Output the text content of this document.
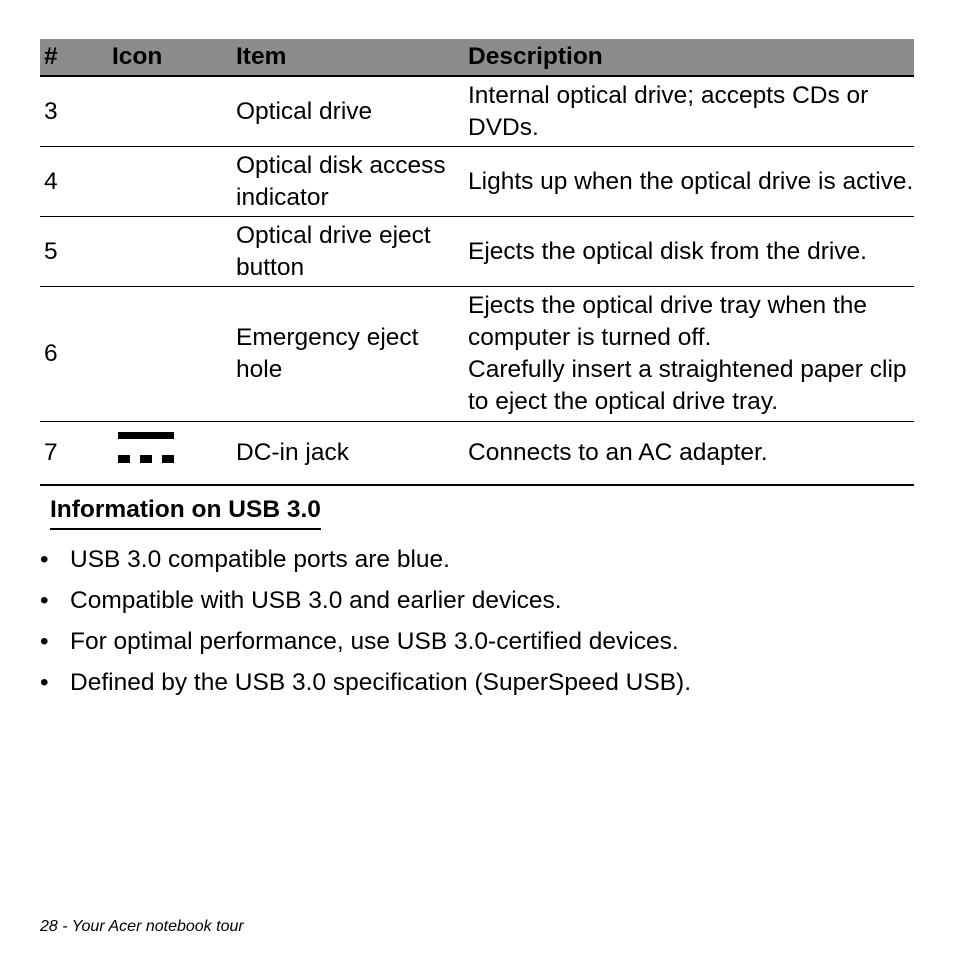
#	Icon	Item	Description
3		Optical drive	Internal optical drive; accepts CDs or DVDs.

4		Optical disk access indicator	Lights up when the optical drive is active.

5		Optical drive eject button	Ejects the optical disk from the drive.

6		Emergency eject hole	Ejects the optical drive tray when the computer is turned off.
Carefully insert a straightened paper clip to eject the optical drive tray.

7		DC-in jack	Connects to an AC adapter.
Information on USB 3.0
• USB 3.0 compatible ports are blue.
• Compatible with USB 3.0 and earlier devices.
• For optimal performance, use USB 3.0-certified devices.
• Defined by the USB 3.0 specification (SuperSpeed USB).
28 - Your Acer notebook tour
